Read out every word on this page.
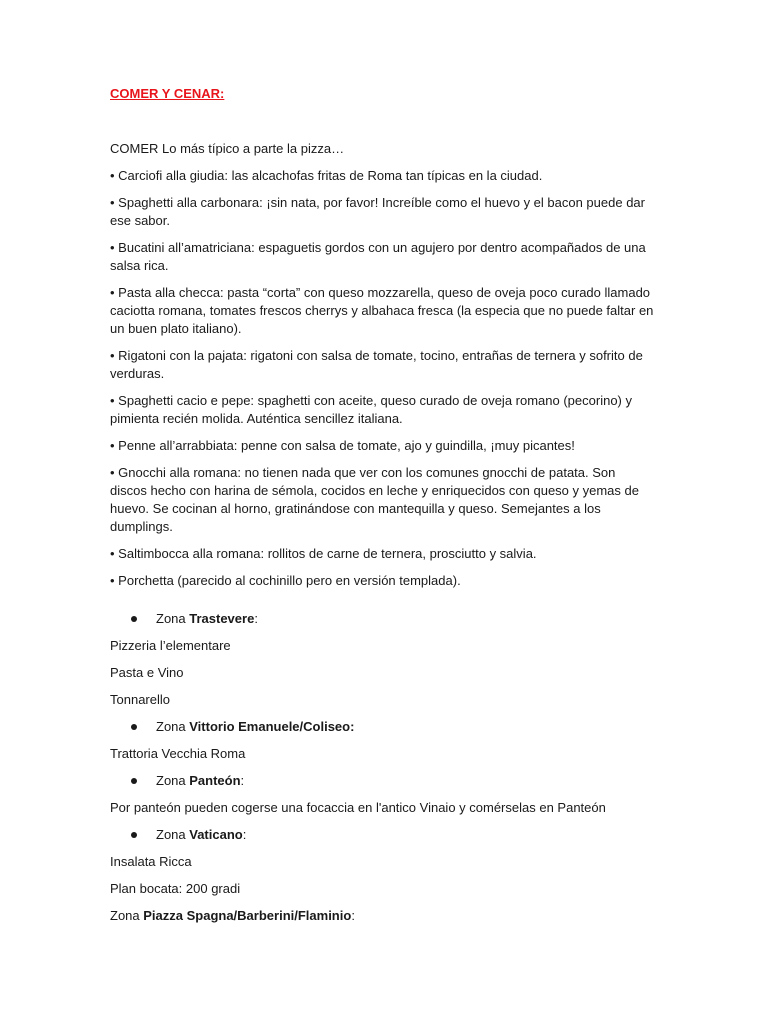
COMER Y CENAR:
COMER Lo más típico a parte la pizza…

• Carciofi alla giudia: las alcachofas fritas de Roma tan típicas en la ciudad.

• Spaghetti alla carbonara: ¡sin nata, por favor! Increíble como el huevo y el bacon puede dar ese sabor.

• Bucatini all’amatriciana: espaguetis gordos con un agujero por dentro acompañados de una salsa rica.

• Pasta alla checca: pasta “corta” con queso mozzarella, queso de oveja poco curado llamado caciotta romana, tomates frescos cherrys y albahaca fresca (la especia que no puede faltar en un buen plato italiano).

• Rigatoni con la pajata: rigatoni con salsa de tomate, tocino, entrañas de ternera y sofrito de verduras.

• Spaghetti cacio e pepe: spaghetti con aceite, queso curado de oveja romano (pecorino) y pimienta recién molida. Auténtica sencillez italiana.

• Penne all’arrabbiata: penne con salsa de tomate, ajo y guindilla, ¡muy picantes!

• Gnocchi alla romana: no tienen nada que ver con los comunes gnocchi de patata. Son discos hecho con harina de sémola, cocidos en leche y enriquecidos con queso y yemas de huevo. Se cocinan al horno, gratinándose con mantequilla y queso. Semejantes a los dumplings.

• Saltimbocca alla romana: rollitos de carne de ternera, prosciutto y salvia.

• Porchetta (parecido al cochinillo pero en versión templada).

Zona Trastevere:
Pizzeria l’elementare
Pasta e Vino
Tonnarello
Zona Vittorio Emanuele/Coliseo:
Trattoria Vecchia Roma
Zona Panteón:
Por panteón pueden cogerse una focaccia en l'antico Vinaio y comérselas en Panteón
Zona Vaticano:
Insalata Ricca
Plan bocata: 200 gradi
Zona Piazza Spagna/Barberini/Flaminio:
